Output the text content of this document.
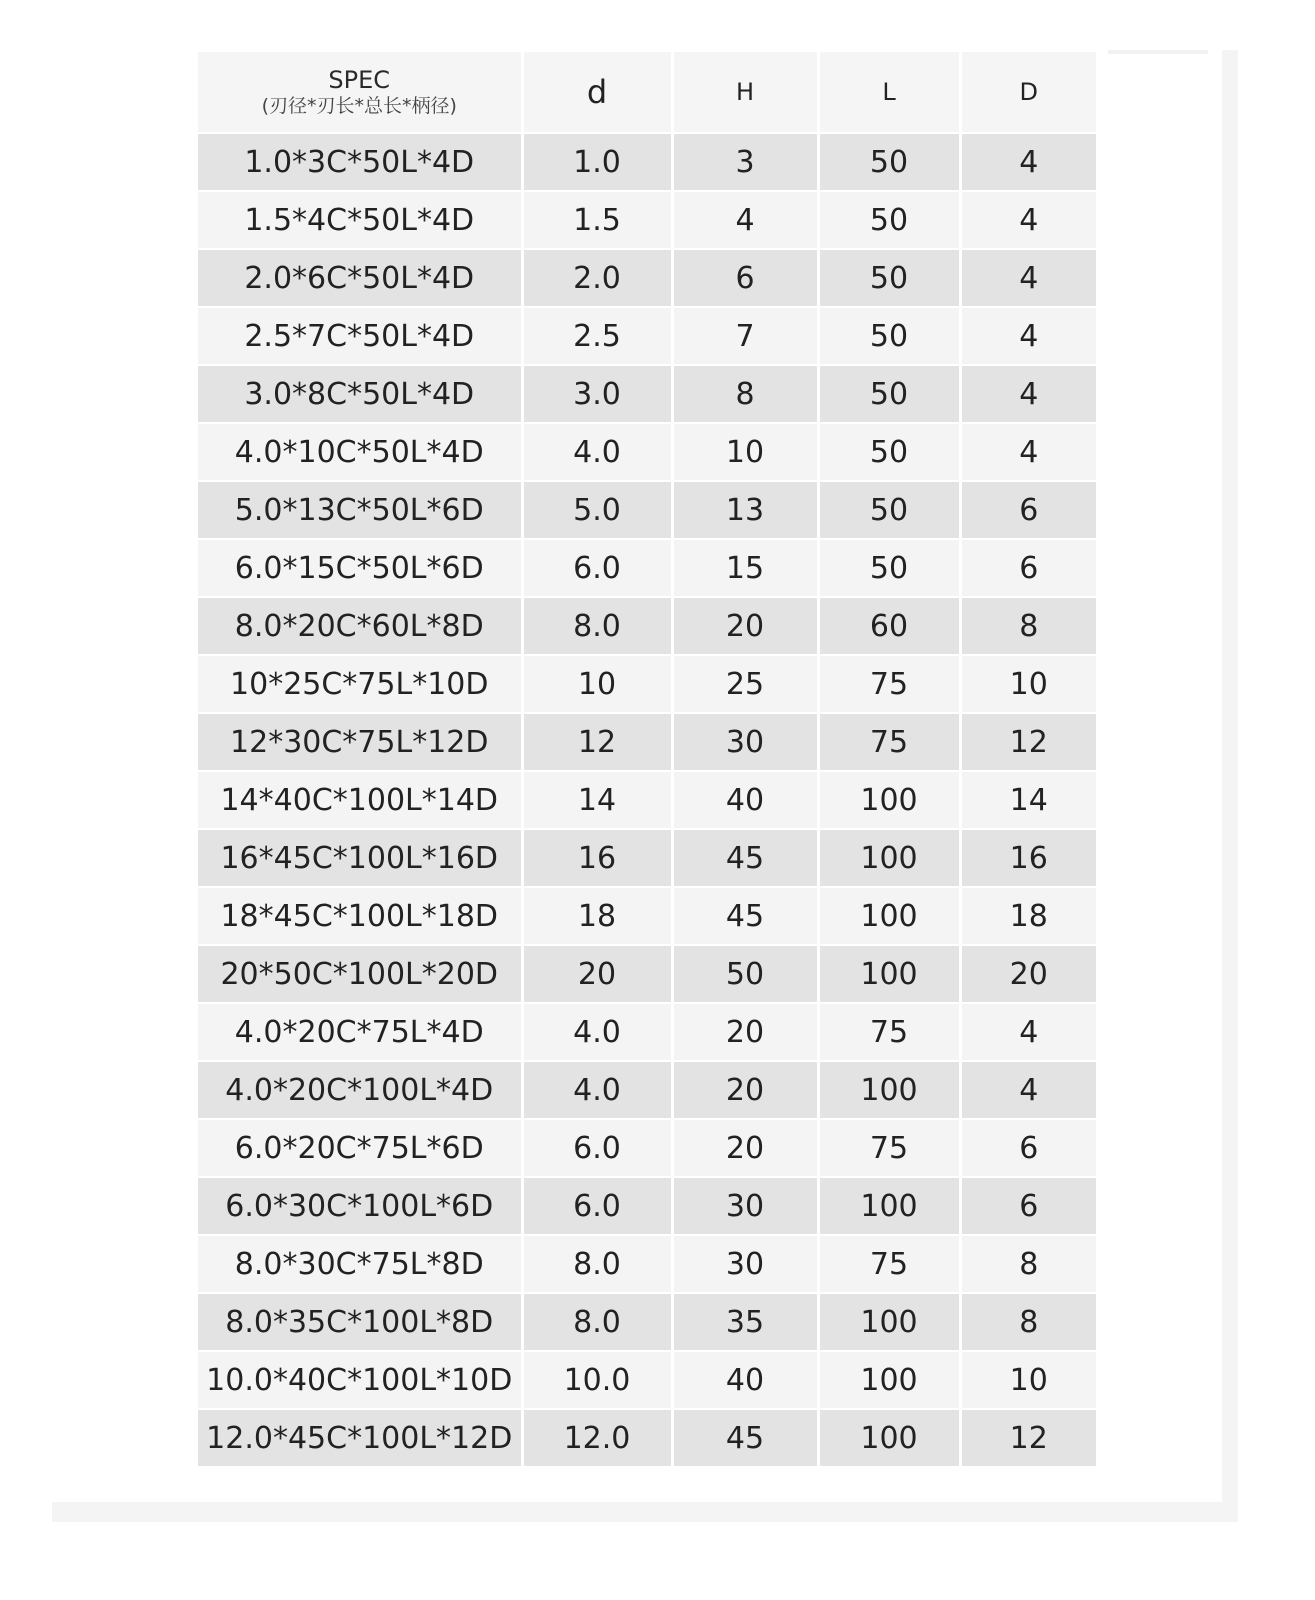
SPEC
(刃径*刃长*总长*柄径)	d	H	L	D
1.0*3C*50L*4D	1.0	3	50	4
1.5*4C*50L*4D	1.5	4	50	4
2.0*6C*50L*4D	2.0	6	50	4
2.5*7C*50L*4D	2.5	7	50	4
3.0*8C*50L*4D	3.0	8	50	4
4.0*10C*50L*4D	4.0	10	50	4
5.0*13C*50L*6D	5.0	13	50	6
6.0*15C*50L*6D	6.0	15	50	6
8.0*20C*60L*8D	8.0	20	60	8
10*25C*75L*10D	10	25	75	10
12*30C*75L*12D	12	30	75	12
14*40C*100L*14D	14	40	100	14
16*45C*100L*16D	16	45	100	16
18*45C*100L*18D	18	45	100	18
20*50C*100L*20D	20	50	100	20
4.0*20C*75L*4D	4.0	20	75	4
4.0*20C*100L*4D	4.0	20	100	4
6.0*20C*75L*6D	6.0	20	75	6
6.0*30C*100L*6D	6.0	30	100	6
8.0*30C*75L*8D	8.0	30	75	8
8.0*35C*100L*8D	8.0	35	100	8
10.0*40C*100L*10D	10.0	40	100	10
12.0*45C*100L*12D	12.0	45	100	12
